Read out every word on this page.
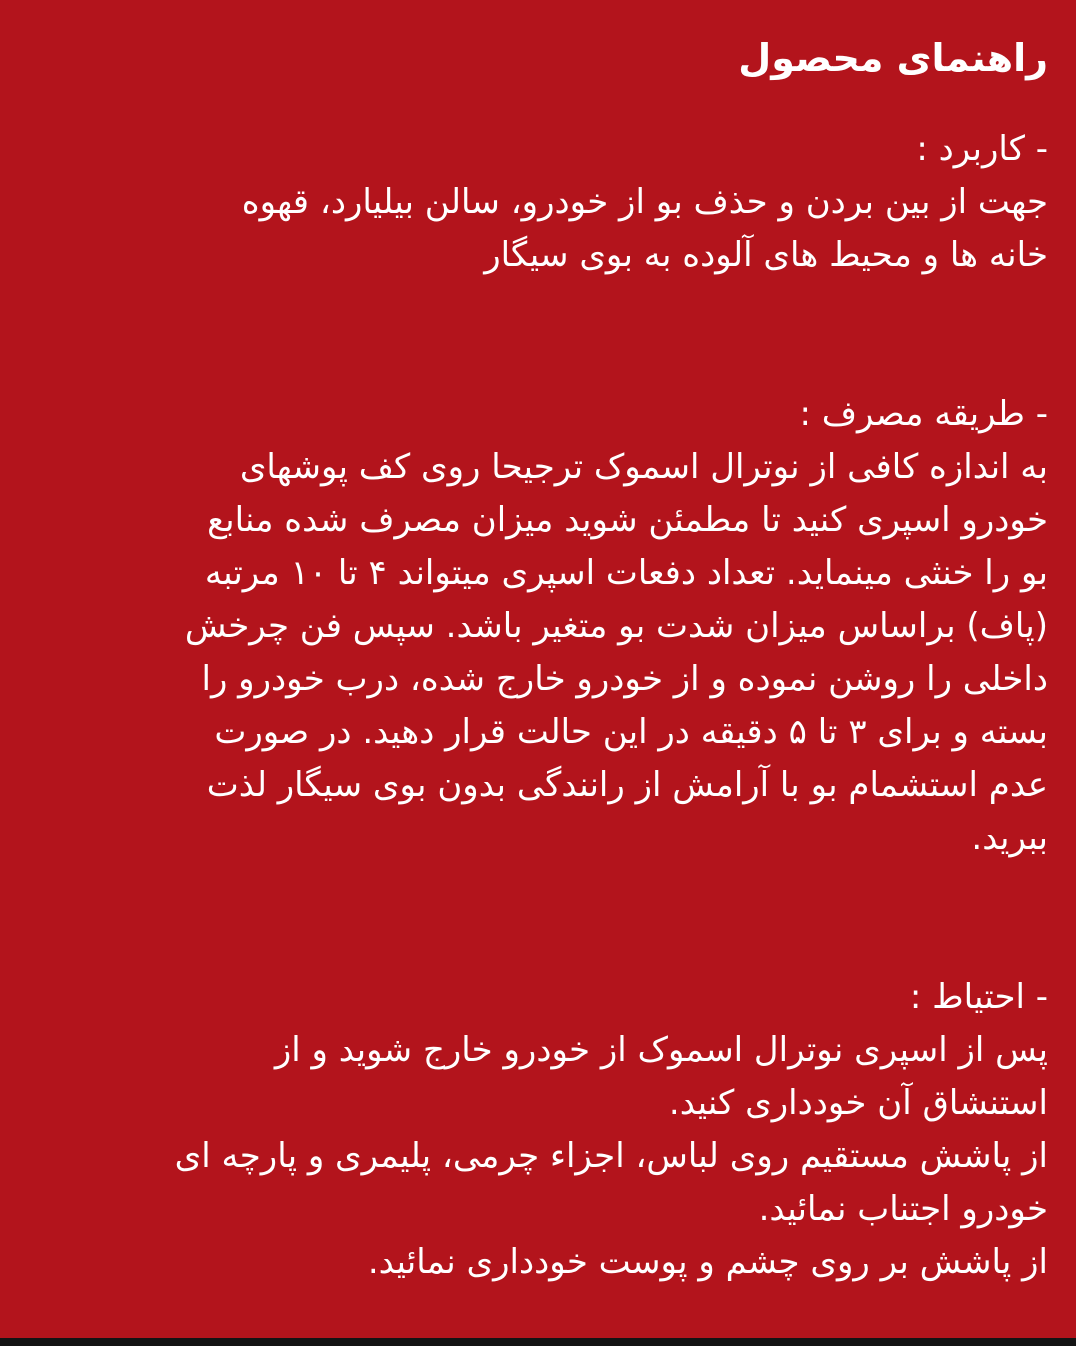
راهنمای محصول

- کاربرد :

جهت از بین بردن و حذف بو از خودرو، سالن بیلیارد، قهوه
خانه ها و محیط های آلوده به بوی سیگار

- طریقه مصرف :

به اندازه کافی از نوترال اسموک ترجیحا روی کف پوشهای
خودرو اسپری کنید تا مطمئن شوید میزان مصرف شده منابع
بو را خنثی مینماید. تعداد دفعات اسپری میتواند ۴ تا ۱۰ مرتبه
(پاف) براساس میزان شدت بو متغیر باشد. سپس فن چرخش
داخلی را روشن نموده و از خودرو خارج شده، درب خودرو را
بسته و برای ۳ تا ۵ دقیقه در این حالت قرار دهید. در صورت
عدم استشمام بو با آرامش از رانندگی بدون بوی سیگار لذت
ببرید.

- احتیاط :

پس از اسپری نوترال اسموک از خودرو خارج شوید و از
استنشاق آن خودداری کنید.
از پاشش مستقیم روی لباس، اجزاء چرمی، پلیمری و پارچه ای
خودرو اجتناب نمائید.
از پاشش بر روی چشم و پوست خودداری نمائید.
